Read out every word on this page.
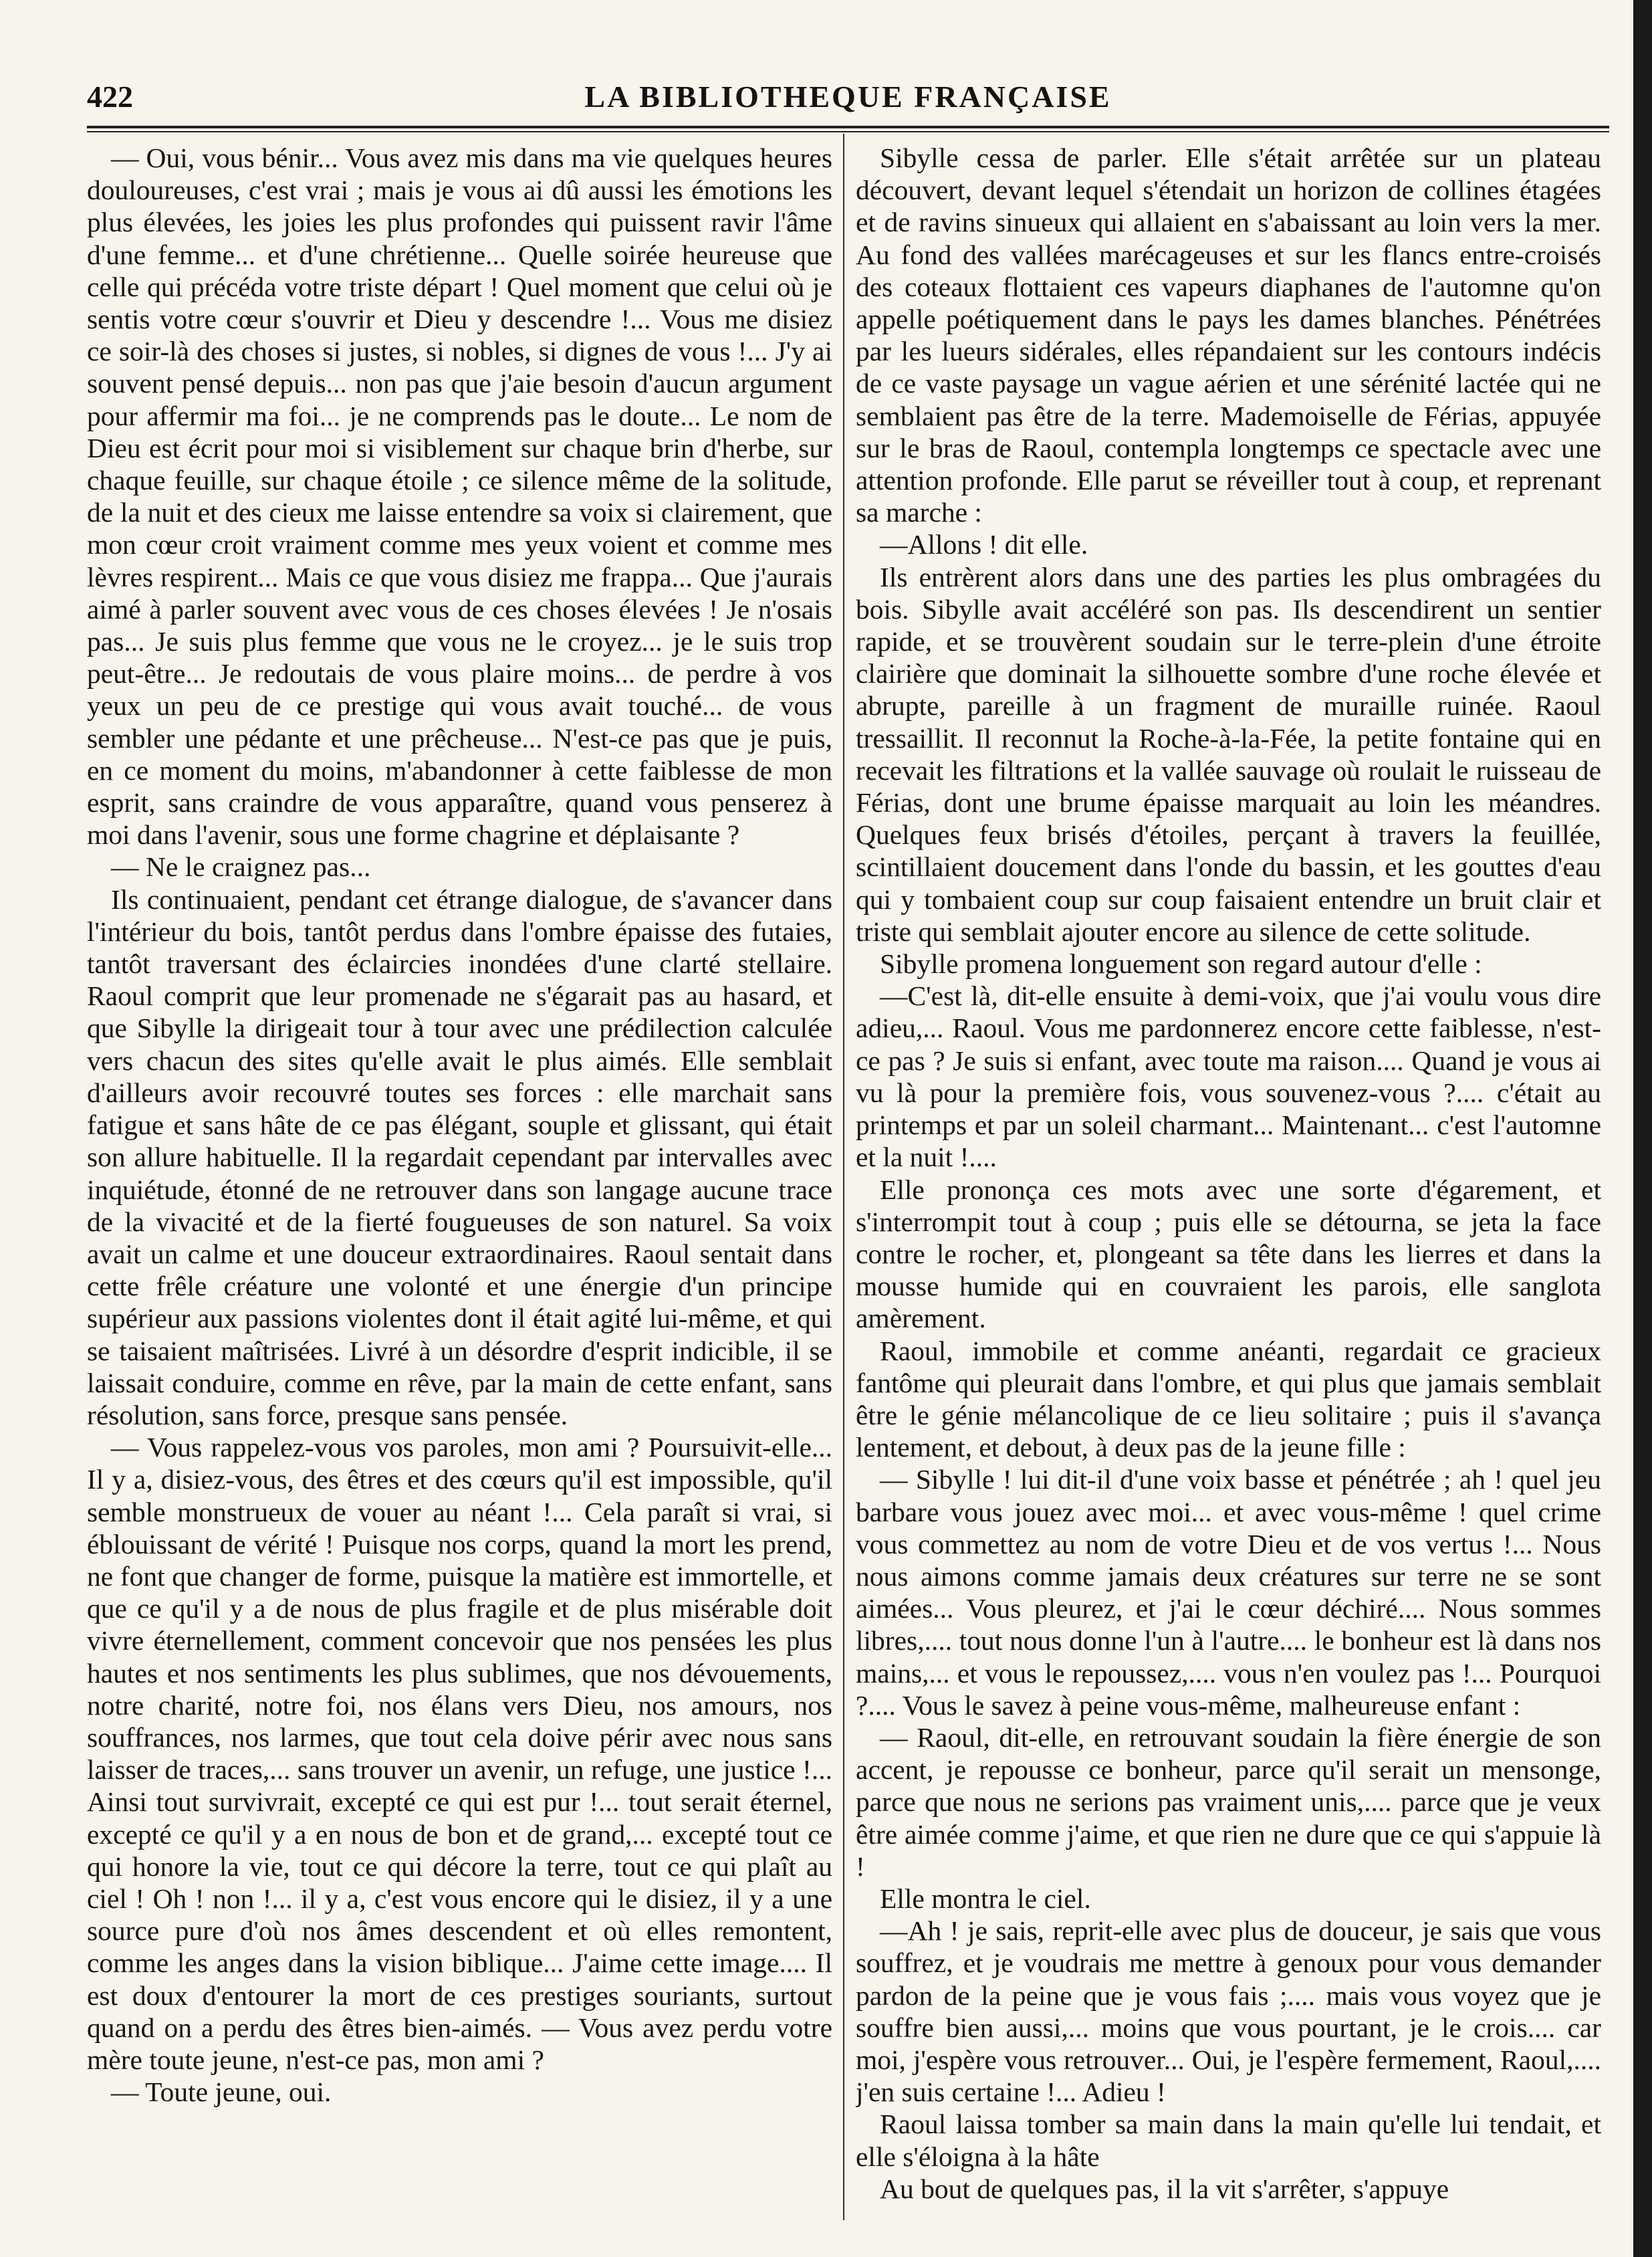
422	LA BIBLIOTHEQUE FRANÇAISE

— Oui, vous bénir... Vous avez mis dans ma vie quelques heures douloureuses, c'est vrai ; mais je vous ai dû aussi les émotions les plus élevées, les joies les plus profondes qui puissent ravir l'âme d'une femme... et d'une chrétienne... Quelle soirée heureuse que celle qui précéda votre triste départ ! Quel moment que celui où je sentis votre cœur s'ouvrir et Dieu y descendre !... Vous me disiez ce soir-là des choses si justes, si nobles, si dignes de vous !... J'y ai souvent pensé depuis... non pas que j'aie besoin d'aucun argument pour affermir ma foi... je ne comprends pas le doute... Le nom de Dieu est écrit pour moi si visiblement sur chaque brin d'herbe, sur chaque feuille, sur chaque étoile ; ce silence même de la solitude, de la nuit et des cieux me laisse entendre sa voix si clairement, que mon cœur croit vraiment comme mes yeux voient et comme mes lèvres respirent... Mais ce que vous disiez me frappa... Que j'aurais aimé à parler souvent avec vous de ces choses élevées ! Je n'osais pas... Je suis plus femme que vous ne le croyez... je le suis trop peut-être... Je redoutais de vous plaire moins... de perdre à vos yeux un peu de ce prestige qui vous avait touché... de vous sembler une pédante et une prêcheuse... N'est-ce pas que je puis, en ce moment du moins, m'abandonner à cette faiblesse de mon esprit, sans craindre de vous apparaître, quand vous penserez à moi dans l'avenir, sous une forme chagrine et déplaisante ?

— Ne le craignez pas...

Ils continuaient, pendant cet étrange dialogue, de s'avancer dans l'intérieur du bois, tantôt perdus dans l'ombre épaisse des futaies, tantôt traversant des éclaircies inondées d'une clarté stellaire. Raoul comprit que leur promenade ne s'égarait pas au hasard, et que Sibylle la dirigeait tour à tour avec une prédilection calculée vers chacun des sites qu'elle avait le plus aimés. Elle semblait d'ailleurs avoir recouvré toutes ses forces : elle marchait sans fatigue et sans hâte de ce pas élégant, souple et glissant, qui était son allure habituelle. Il la regardait cependant par intervalles avec inquiétude, étonné de ne retrouver dans son langage aucune trace de la vivacité et de la fierté fougueuses de son naturel. Sa voix avait un calme et une douceur extraordinaires. Raoul sentait dans cette frêle créature une volonté et une énergie d'un principe supérieur aux passions violentes dont il était agité lui-même, et qui se taisaient maîtrisées. Livré à un désordre d'esprit indicible, il se laissait conduire, comme en rêve, par la main de cette enfant, sans résolution, sans force, presque sans pensée.

— Vous rappelez-vous vos paroles, mon ami ? Poursuivit-elle... Il y a, disiez-vous, des êtres et des cœurs qu'il est impossible, qu'il semble monstrueux de vouer au néant !... Cela paraît si vrai, si éblouissant de vérité ! Puisque nos corps, quand la mort les prend, ne font que changer de forme, puisque la matière est immortelle, et que ce qu'il y a de nous de plus fragile et de plus misérable doit vivre éternellement, comment concevoir que nos pensées les plus hautes et nos sentiments les plus sublimes, que nos dévouements, notre charité, notre foi, nos élans vers Dieu, nos amours, nos souffrances, nos larmes, que tout cela doive périr avec nous sans laisser de traces,... sans trouver un avenir, un refuge, une justice !... Ainsi tout survivrait, excepté ce qui est pur !... tout serait éternel, excepté ce qu'il y a en nous de bon et de grand,... excepté tout ce qui honore la vie, tout ce qui décore la terre, tout ce qui plaît au ciel ! Oh ! non !... il y a, c'est vous encore qui le disiez, il y a une source pure d'où nos âmes descendent et où elles remontent, comme les anges dans la vision biblique... J'aime cette image.... Il est doux d'entourer la mort de ces prestiges souriants, surtout quand on a perdu des êtres bien-aimés. — Vous avez perdu votre mère toute jeune, n'est-ce pas, mon ami ?

— Toute jeune, oui.

Sibylle cessa de parler. Elle s'était arrêtée sur un plateau découvert, devant lequel s'étendait un horizon de collines étagées et de ravins sinueux qui allaient en s'abaissant au loin vers la mer. Au fond des vallées marécageuses et sur les flancs entre-croisés des coteaux flottaient ces vapeurs diaphanes de l'automne qu'on appelle poétiquement dans le pays les dames blanches. Pénétrées par les lueurs sidérales, elles répandaient sur les contours indécis de ce vaste paysage un vague aérien et une sérénité lactée qui ne semblaient pas être de la terre. Mademoiselle de Férias, appuyée sur le bras de Raoul, contempla longtemps ce spectacle avec une attention profonde. Elle parut se réveiller tout à coup, et reprenant sa marche :

—Allons ! dit elle.

Ils entrèrent alors dans une des parties les plus ombragées du bois. Sibylle avait accéléré son pas. Ils descendirent un sentier rapide, et se trouvèrent soudain sur le terre-plein d'une étroite clairière que dominait la silhouette sombre d'une roche élevée et abrupte, pareille à un fragment de muraille ruinée. Raoul tressaillit. Il reconnut la Roche-à-la-Fée, la petite fontaine qui en recevait les filtrations et la vallée sauvage où roulait le ruisseau de Férias, dont une brume épaisse marquait au loin les méandres. Quelques feux brisés d'étoiles, perçant à travers la feuillée, scintillaient doucement dans l'onde du bassin, et les gouttes d'eau qui y tombaient coup sur coup faisaient entendre un bruit clair et triste qui semblait ajouter encore au silence de cette solitude.

Sibylle promena longuement son regard autour d'elle :

—C'est là, dit-elle ensuite à demi-voix, que j'ai voulu vous dire adieu,... Raoul. Vous me pardonnerez encore cette faiblesse, n'est-ce pas ? Je suis si enfant, avec toute ma raison.... Quand je vous ai vu là pour la première fois, vous souvenez-vous ?.... c'était au printemps et par un soleil charmant... Maintenant... c'est l'automne et la nuit !....

Elle prononça ces mots avec une sorte d'égarement, et s'interrompit tout à coup ; puis elle se détourna, se jeta la face contre le rocher, et, plongeant sa tête dans les lierres et dans la mousse humide qui en couvraient les parois, elle sanglota amèrement.

Raoul, immobile et comme anéanti, regardait ce gracieux fantôme qui pleurait dans l'ombre, et qui plus que jamais semblait être le génie mélancolique de ce lieu solitaire ; puis il s'avança lentement, et debout, à deux pas de la jeune fille :

— Sibylle ! lui dit-il d'une voix basse et pénétrée ; ah ! quel jeu barbare vous jouez avec moi... et avec vous-même ! quel crime vous commettez au nom de votre Dieu et de vos vertus !... Nous nous aimons comme jamais deux créatures sur terre ne se sont aimées... Vous pleurez, et j'ai le cœur déchiré.... Nous sommes libres,.... tout nous donne l'un à l'autre.... le bonheur est là dans nos mains,... et vous le repoussez,.... vous n'en voulez pas !... Pourquoi ?.... Vous le savez à peine vous-même, malheureuse enfant :

— Raoul, dit-elle, en retrouvant soudain la fière énergie de son accent, je repousse ce bonheur, parce qu'il serait un mensonge, parce que nous ne serions pas vraiment unis,.... parce que je veux être aimée comme j'aime, et que rien ne dure que ce qui s'appuie là !

Elle montra le ciel.

—Ah ! je sais, reprit-elle avec plus de douceur, je sais que vous souffrez, et je voudrais me mettre à genoux pour vous demander pardon de la peine que je vous fais ;.... mais vous voyez que je souffre bien aussi,... moins que vous pourtant, je le crois.... car moi, j'espère vous retrouver... Oui, je l'espère fermement, Raoul,.... j'en suis certaine !... Adieu !

Raoul laissa tomber sa main dans la main qu'elle lui tendait, et elle s'éloigna à la hâte

Au bout de quelques pas, il la vit s'arrêter, s'appuye
